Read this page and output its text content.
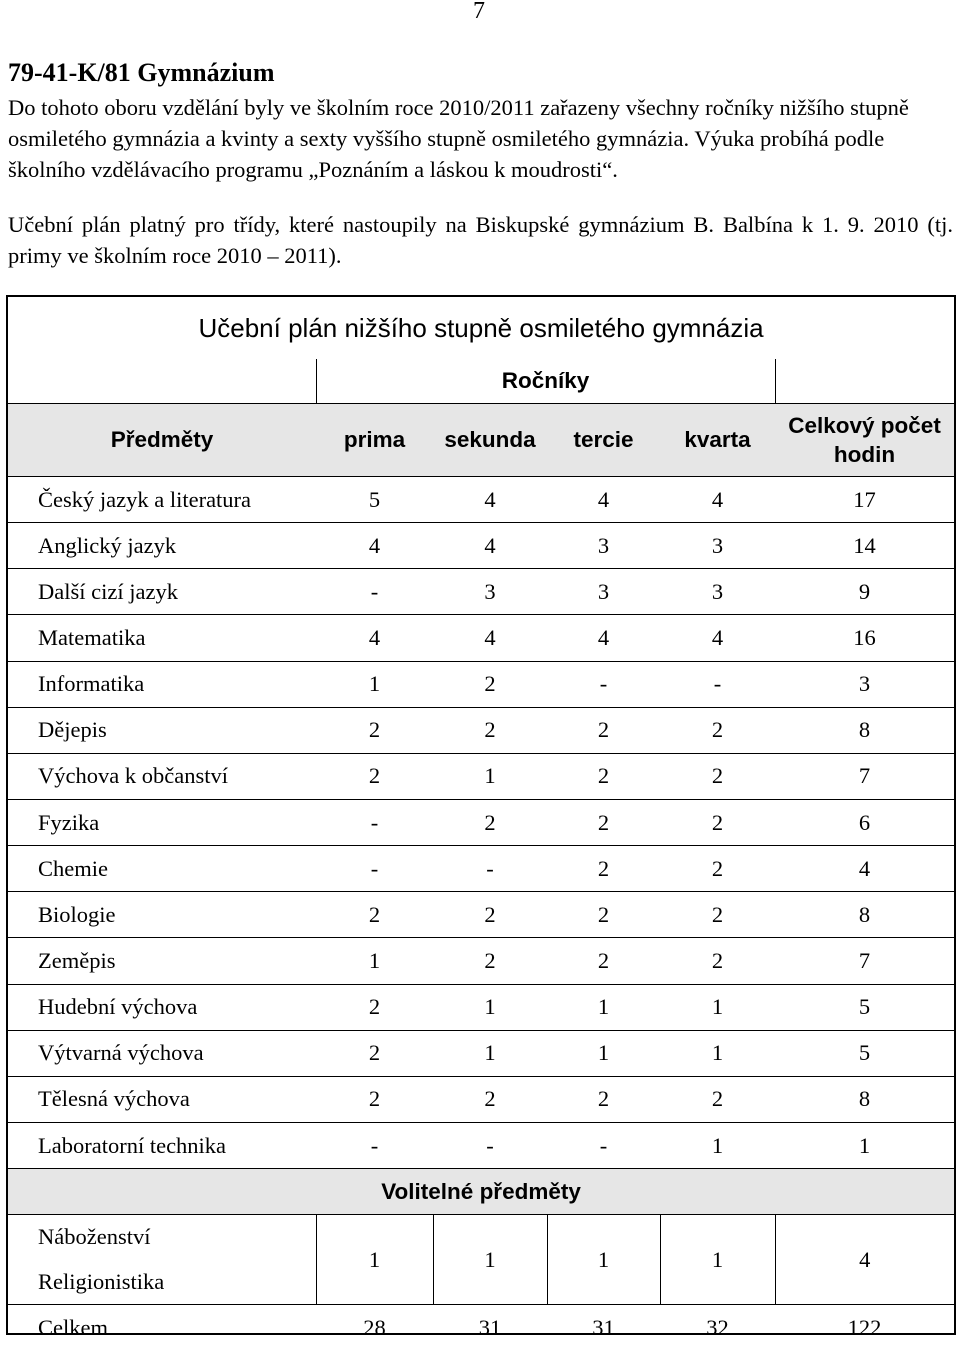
7
79-41-K/81 Gymnázium
Do tohoto oboru vzdělání byly ve školním roce 2010/2011 zařazeny všechny ročníky nižšího stupně osmiletého gymnázia a kvinty a sexty vyššího stupně osmiletého gymnázia. Výuka probíhá podle školního vzdělávacího programu „Poznáním a láskou k moudrosti“.
Učební plán platný pro třídy, které nastoupily na Biskupské gymnázium B. Balbína k 1. 9. 2010 (tj. primy ve školním roce 2010 – 2011).
Učební plán nižšího stupně osmiletého gymnázia					
	Ročníky				
Předměty	prima	sekunda	tercie	kvarta	Celkový počet hodin
Český jazyk a literatura	5	4	4	4	17
Anglický jazyk	4	4	3	3	14
Další cizí jazyk	-	3	3	3	9
Matematika	4	4	4	4	16
Informatika	1	2	-	-	3
Dějepis	2	2	2	2	8
Výchova k občanství	2	1	2	2	7
Fyzika	-	2	2	2	6
Chemie	-	-	2	2	4
Biologie	2	2	2	2	8
Zeměpis	1	2	2	2	7
Hudební výchova	2	1	1	1	5
Výtvarná výchova	2	1	1	1	5
Tělesná výchova	2	2	2	2	8
Laboratorní technika	-	-	-	1	1
Volitelné předměty					
Náboženství	1	1	1	1	4
Religionistika					
Celkem	28	31	31	32	122
